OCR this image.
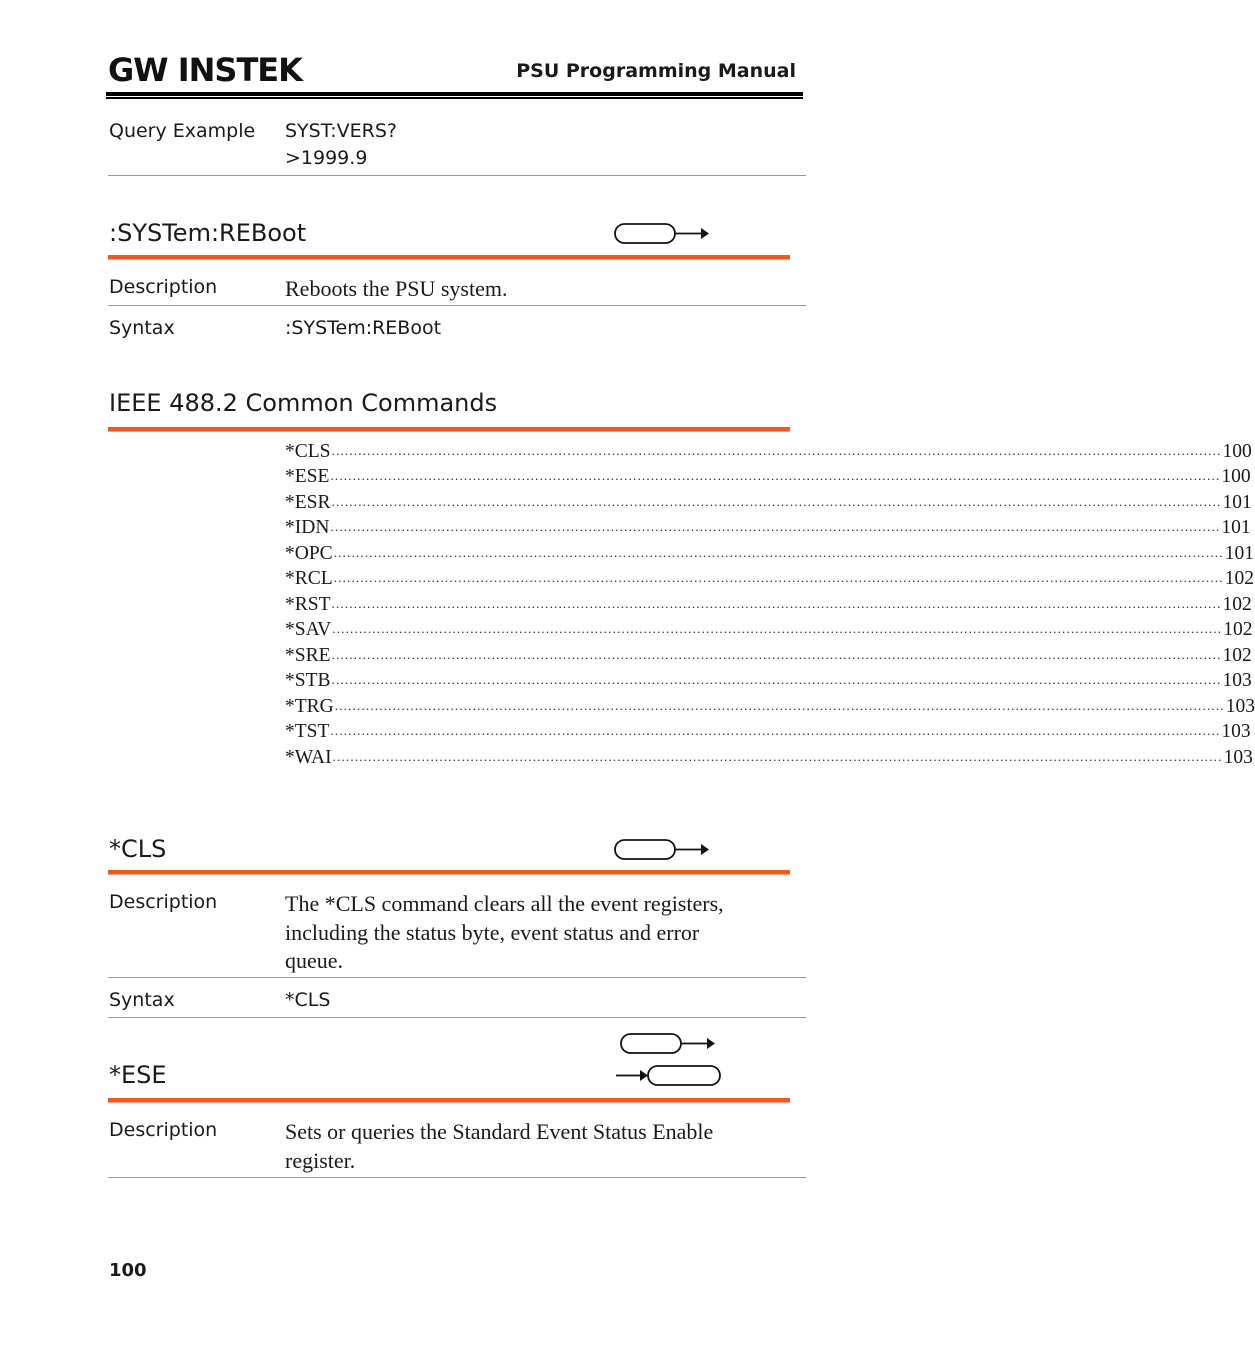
GW INSTEK	PSU Programming Manual
Query Example SYST:VERS?
>1999.9
:SYSTem:REBoot
Description	Reboots the PSU system.
Syntax	:SYSTem:REBoot
IEEE 488.2 Common Commands
*CLS ........................................................................................................................................................................................................ 100
*ESE ........................................................................................................................................................................................................ 100
*ESR ........................................................................................................................................................................................................ 101
*IDN ........................................................................................................................................................................................................ 101
*OPC ........................................................................................................................................................................................................ 101
*RCL ........................................................................................................................................................................................................ 102
*RST ........................................................................................................................................................................................................ 102
*SAV ........................................................................................................................................................................................................ 102
*SRE ........................................................................................................................................................................................................ 102
*STB ........................................................................................................................................................................................................ 103
*TRG ........................................................................................................................................................................................................ 103
*TST ........................................................................................................................................................................................................ 103
*WAI ........................................................................................................................................................................................................ 103
*CLS
Description	The *CLS command clears all the event registers,
including the status byte, event status and error
queue.
Syntax	*CLS
*ESE
Description	Sets or queries the Standard Event Status Enable
register.
100
